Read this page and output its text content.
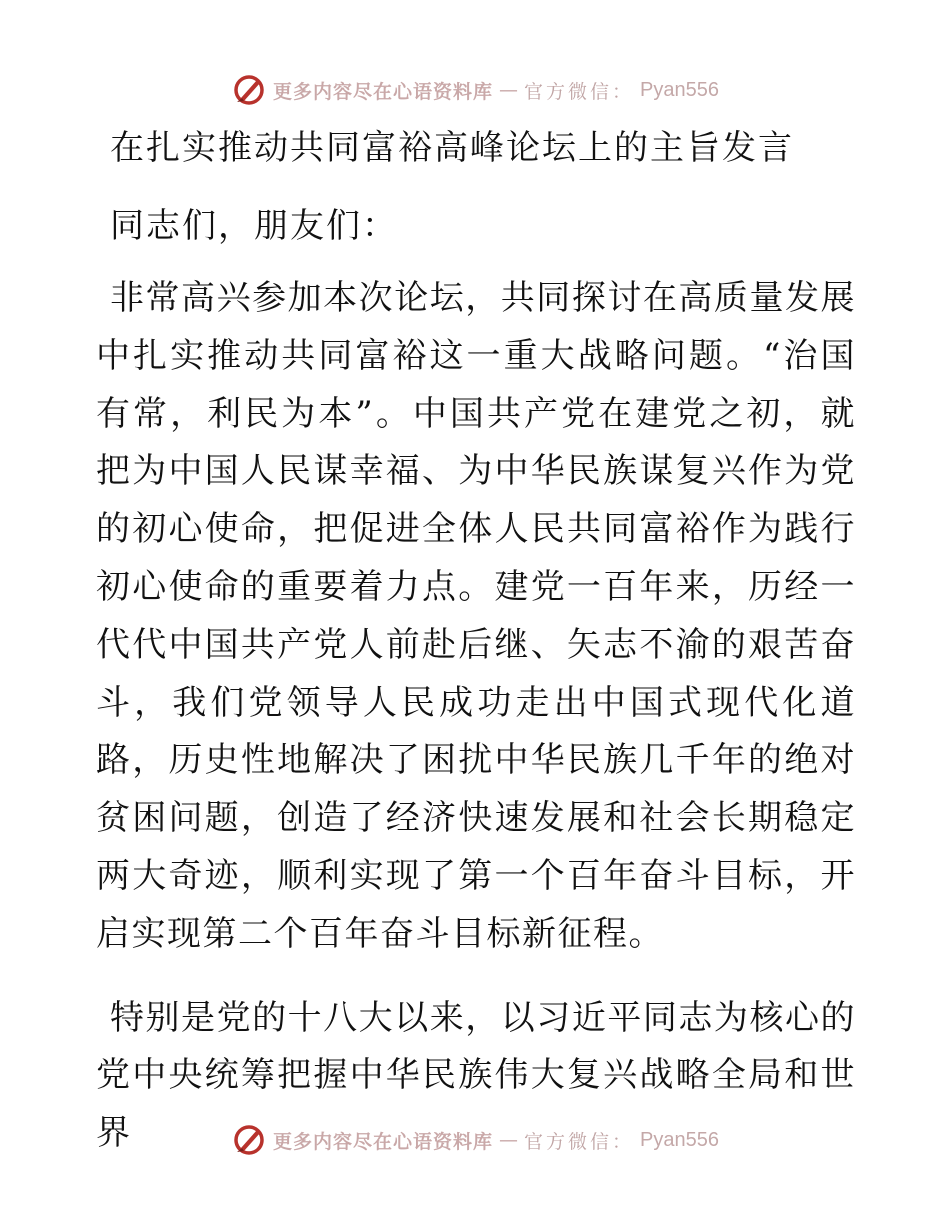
更多内容尽在心语资料库 — 官方微信： Pyan556
在扎实推动共同富裕高峰论坛上的主旨发言

同志们，朋友们：

非常高兴参加本次论坛，共同探讨在高质量发展中扎实推动共同富裕这一重大战略问题。“治国有常，利民为本”。中国共产党在建党之初，就把为中国人民谋幸福、为中华民族谋复兴作为党的初心使命，把促进全体人民共同富裕作为践行初心使命的重要着力点。建党一百年来，历经一代代中国共产党人前赴后继、矢志不渝的艰苦奋斗，我们党领导人民成功走出中国式现代化道路，历史性地解决了困扰中华民族几千年的绝对贫困问题，创造了经济快速发展和社会长期稳定两大奇迹，顺利实现了第一个百年奋斗目标，开启实现第二个百年奋斗目标新征程。

特别是党的十八大以来，以习近平同志为核心的党中央统筹把握中华民族伟大复兴战略全局和世界	更多内容尽在心语资料库 — 官方微信： Pyan556
